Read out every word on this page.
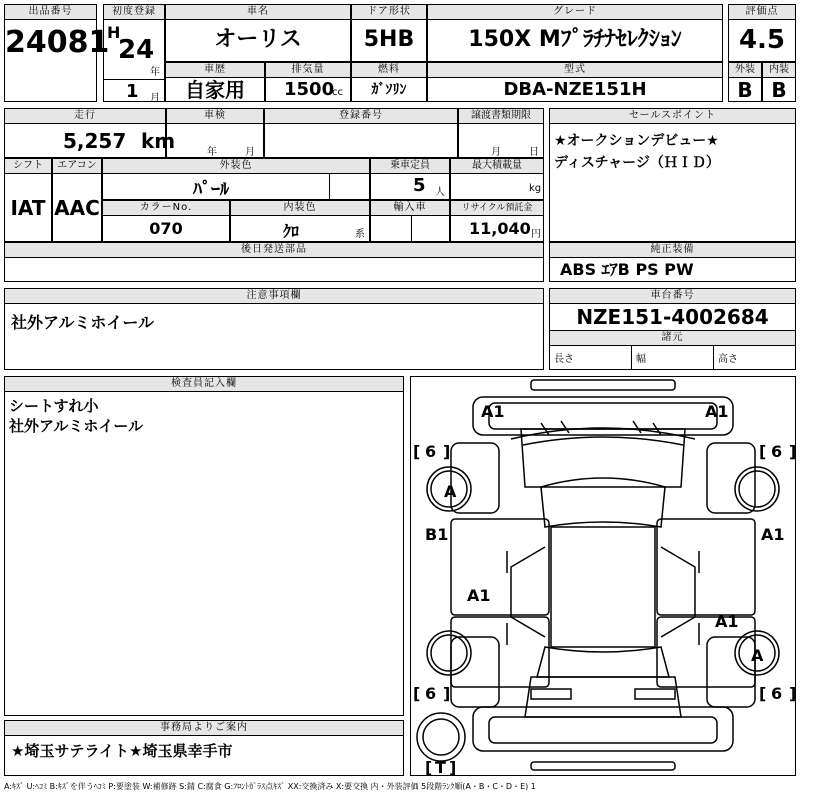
出品番号
24081
初度登録
H
24
年
1 月
車名
オーリス
ドア形状
5HB
グレード
150X Mﾌﾟﾗﾁﾅｾﾚｸｼｮﾝ
評価点
4.5
車歴
自家用
排気量
1500
cc
燃料
ｶﾞｿﾘﾝ
型式
DBA-NZE151H
外装
B
内装
B
走行
5,257 km
車検
年	月
登録番号	譲渡書類期限
月	日
シフト
IAT
エアコン
AAC
外装色
ﾊﾟｰﾙ
乗車定員
5 人
最大積載量
kg
カラーNo.
070
内装色
ｸﾛ	系
輸入車	リサイクル預託金
11,040 円
後日発送部品
セールスポイント
★オークションデビュー★
ディスチャージ（ＨＩＤ）
純正装備
ABS ｴｱB PS PW
注意事項欄
社外アルミホイール
車台番号
NZE151-4002684
諸元
長さ	幅	高さ
検査員記入欄
シートすれ小
社外アルミホイール
事務局よりご案内
★埼玉サテライト★埼玉県幸手市
A1	A1
[ 6 ]	[ 6 ]
A
B1	A1
A1
A1
A
[ 6 ]	[ 6 ]
[ T ]
A:ｷｽﾞ U:ﾍｺﾐ B:ｷｽﾞを伴うﾍｺﾐ P:要塗装 W:補修跡 S:錆 C:腐食 G:ﾌﾛﾝﾄｶﾞﾗｽ点ｷｽﾞ XX:交換済み X:要交換 内・外装評価 5段階ﾗﾝｸ順(A・B・C・D・E) 1
